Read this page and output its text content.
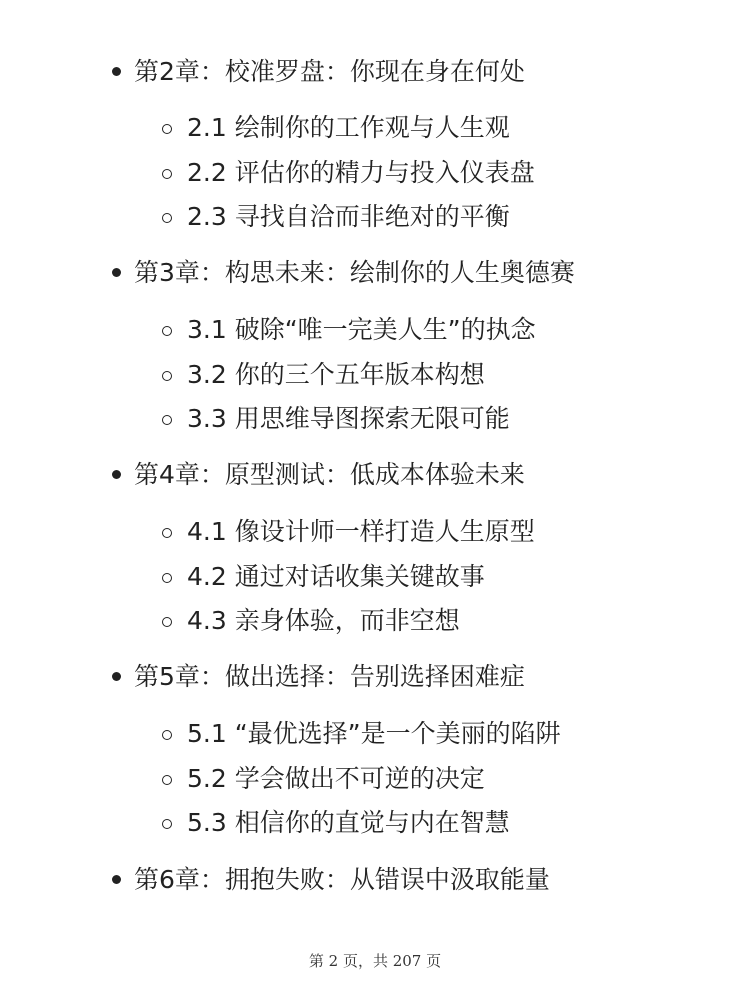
第2章：校准罗盘：你现在身在何处
2.1 绘制你的工作观与人生观
2.2 评估你的精力与投入仪表盘
2.3 寻找自洽而非绝对的平衡
第3章：构思未来：绘制你的人生奥德赛
3.1 破除“唯一完美人生”的执念
3.2 你的三个五年版本构想
3.3 用思维导图探索无限可能
第4章：原型测试：低成本体验未来
4.1 像设计师一样打造人生原型
4.2 通过对话收集关键故事
4.3 亲身体验，而非空想
第5章：做出选择：告别选择困难症
5.1 “最优选择”是一个美丽的陷阱
5.2 学会做出不可逆的决定
5.3 相信你的直觉与内在智慧
第6章：拥抱失败：从错误中汲取能量
第 2 页，共 207 页
